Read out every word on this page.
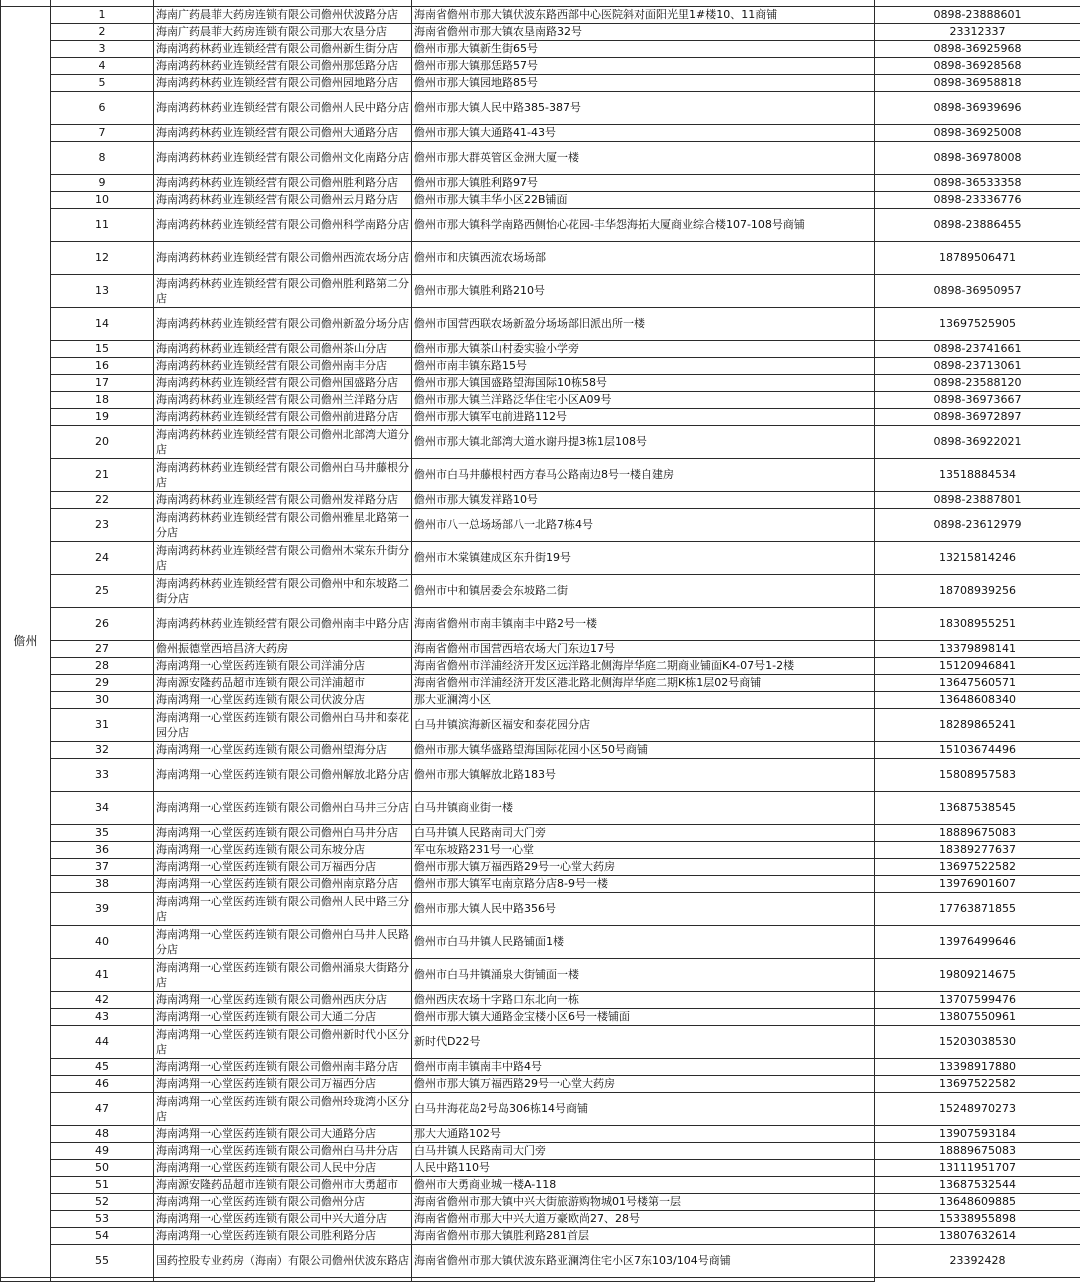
儋州	1	海南广药晨菲大药房连锁有限公司儋州伏波路分店	海南省儋州市那大镇伏波东路西部中心医院斜对面阳光里1#楼10、11商铺	0898-23888601
	2	海南广药晨菲大药房连锁有限公司那大农垦分店	海南省儋州市那大镇农垦南路32号	23312337
	3	海南鸿药林药业连锁经营有限公司儋州新生街分店	儋州市那大镇新生街65号	0898-36925968
	4	海南鸿药林药业连锁经营有限公司儋州那恁路分店	儋州市那大镇那恁路57号	0898-36928568
	5	海南鸿药林药业连锁经营有限公司儋州园地路分店	儋州市那大镇园地路85号	0898-36958818
	6	海南鸿药林药业连锁经营有限公司儋州人民中路分店	儋州市那大镇人民中路385-387号	0898-36939696
	7	海南鸿药林药业连锁经营有限公司儋州大通路分店	儋州市那大镇大通路41-43号	0898-36925008
	8	海南鸿药林药业连锁经营有限公司儋州文化南路分店	儋州市那大群英管区金洲大厦一楼	0898-36978008
	9	海南鸿药林药业连锁经营有限公司儋州胜利路分店	儋州市那大镇胜利路97号	0898-36533358
	10	海南鸿药林药业连锁经营有限公司儋州云月路分店	儋州市那大镇丰华小区22B铺面	0898-23336776
	11	海南鸿药林药业连锁经营有限公司儋州科学南路分店	儋州市那大镇科学南路西侧怡心花园-丰华怨海拓大厦商业综合楼107-108号商铺	0898-23886455
	12	海南鸿药林药业连锁经营有限公司儋州西流农场分店	儋州市和庆镇西流农场场部	18789506471
	13	海南鸿药林药业连锁经营有限公司儋州胜利路第二分店	儋州市那大镇胜利路210号	0898-36950957
	14	海南鸿药林药业连锁经营有限公司儋州新盈分场分店	儋州市国营西联农场新盈分场场部旧派出所一楼	13697525905
	15	海南鸿药林药业连锁经营有限公司儋州茶山分店	儋州市那大镇茶山村委实验小学旁	0898-23741661
	16	海南鸿药林药业连锁经营有限公司儋州南丰分店	儋州市南丰镇东路15号	0898-23713061
	17	海南鸿药林药业连锁经营有限公司儋州国盛路分店	儋州市那大镇国盛路望海国际10栋58号	0898-23588120
	18	海南鸿药林药业连锁经营有限公司儋州兰洋路分店	儋州市那大镇兰洋路泛华住宅小区A09号	0898-36973667
	19	海南鸿药林药业连锁经营有限公司儋州前进路分店	儋州市那大镇军屯前进路112号	0898-36972897
	20	海南鸿药林药业连锁经营有限公司儋州北部湾大道分店	儋州市那大镇北部湾大道水谢丹提3栋1层108号	0898-36922021
	21	海南鸿药林药业连锁经营有限公司儋州白马井藤根分店	儋州市白马井藤根村西方春马公路南边8号一楼自建房	13518884534
	22	海南鸿药林药业连锁经营有限公司儋州发祥路分店	儋州市那大镇发祥路10号	0898-23887801
	23	海南鸿药林药业连锁经营有限公司儋州雅星北路第一分店	儋州市八一总场场部八一北路7栋4号	0898-23612979
	24	海南鸿药林药业连锁经营有限公司儋州木棠东升街分店	儋州市木棠镇建成区东升街19号	13215814246
	25	海南鸿药林药业连锁经营有限公司儋州中和东坡路二街分店	儋州市中和镇居委会东坡路二街	18708939256
	26	海南鸿药林药业连锁经营有限公司儋州南丰中路分店	海南省儋州市南丰镇南丰中路2号一楼	18308955251
	27	儋州振德堂西培昌济大药房	海南省儋州市国营西培农场大门东边17号	13379898141
	28	海南鸿翔一心堂医药连锁有限公司洋浦分店	海南省儋州市洋浦经济开发区远洋路北侧海岸华庭二期商业铺面K4-07号1-2楼	15120946841
	29	海南源安隆药品超市连锁有限公司洋浦超市	海南省儋州市洋浦经济开发区港北路北侧海岸华庭二期K栋1层02号商铺	13647560571
	30	海南鸿翔一心堂医药连锁有限公司伏波分店	那大亚澜湾小区	13648608340
	31	海南鸿翔一心堂医药连锁有限公司儋州白马井和泰花园分店	白马井镇滨海新区福安和泰花园分店	18289865241
	32	海南鸿翔一心堂医药连锁有限公司儋州望海分店	儋州市那大镇华盛路望海国际花园小区50号商铺	15103674496
	33	海南鸿翔一心堂医药连锁有限公司儋州解放北路分店	儋州市那大镇解放北路183号	15808957583
	34	海南鸿翔一心堂医药连锁有限公司儋州白马井三分店	白马井镇商业街一楼	13687538545
	35	海南鸿翔一心堂医药连锁有限公司儋州白马井分店	白马井镇人民路南司大门旁	18889675083
	36	海南鸿翔一心堂医药连锁有限公司东坡分店	军屯东坡路231号一心堂	18389277637
	37	海南鸿翔一心堂医药连锁有限公司万福西分店	儋州市那大镇万福西路29号一心堂大药房	13697522582
	38	海南鸿翔一心堂医药连锁有限公司儋州南京路分店	儋州市那大镇军屯南京路分店8-9号一楼	13976901607
	39	海南鸿翔一心堂医药连锁有限公司儋州人民中路三分店	儋州市那大镇人民中路356号	17763871855
	40	海南鸿翔一心堂医药连锁有限公司儋州白马井人民路分店	儋州市白马井镇人民路铺面1楼	13976499646
	41	海南鸿翔一心堂医药连锁有限公司儋州涌泉大街路分店	儋州市白马井镇涌泉大街铺面一楼	19809214675
	42	海南鸿翔一心堂医药连锁有限公司儋州西庆分店	儋州西庆农场十字路口东北向一栋	13707599476
	43	海南鸿翔一心堂医药连锁有限公司大通二分店	儋州市那大镇大通路金宝楼小区6号一楼铺面	13807550961
	44	海南鸿翔一心堂医药连锁有限公司儋州新时代小区分店	新时代D22号	15203038530
	45	海南鸿翔一心堂医药连锁有限公司儋州南丰路分店	儋州市南丰镇南丰中路4号	13398917880
	46	海南鸿翔一心堂医药连锁有限公司万福西分店	儋州市那大镇万福西路29号一心堂大药房	13697522582
	47	海南鸿翔一心堂医药连锁有限公司儋州玲珑湾小区分店	白马井海花岛2号岛306栋14号商铺	15248970273
	48	海南鸿翔一心堂医药连锁有限公司大通路分店	那大大通路102号	13907593184
	49	海南鸿翔一心堂医药连锁有限公司儋州白马井分店	白马井镇人民路南司大门旁	18889675083
	50	海南鸿翔一心堂医药连锁有限公司人民中分店	人民中路110号	13111951707
	51	海南源安隆药品超市连锁有限公司儋州市大勇超市	儋州市大勇商业城一楼A-118	13687532544
	52	海南鸿翔一心堂医药连锁有限公司儋州分店	海南省儋州市那大镇中兴大街旅游购物城01号楼第一层	13648609885
	53	海南鸿翔一心堂医药连锁有限公司中兴大道分店	海南省儋州市那大中兴大道万豪欧尚27、28号	15338955898
	54	海南鸿翔一心堂医药连锁有限公司胜利路分店	海南省儋州市那大镇胜利路281首层	13807632614
	55	国药控股专业药房（海南）有限公司儋州伏波东路店	海南省儋州市那大镇伏波东路亚澜湾住宅小区7东103/104号商铺	23392428
